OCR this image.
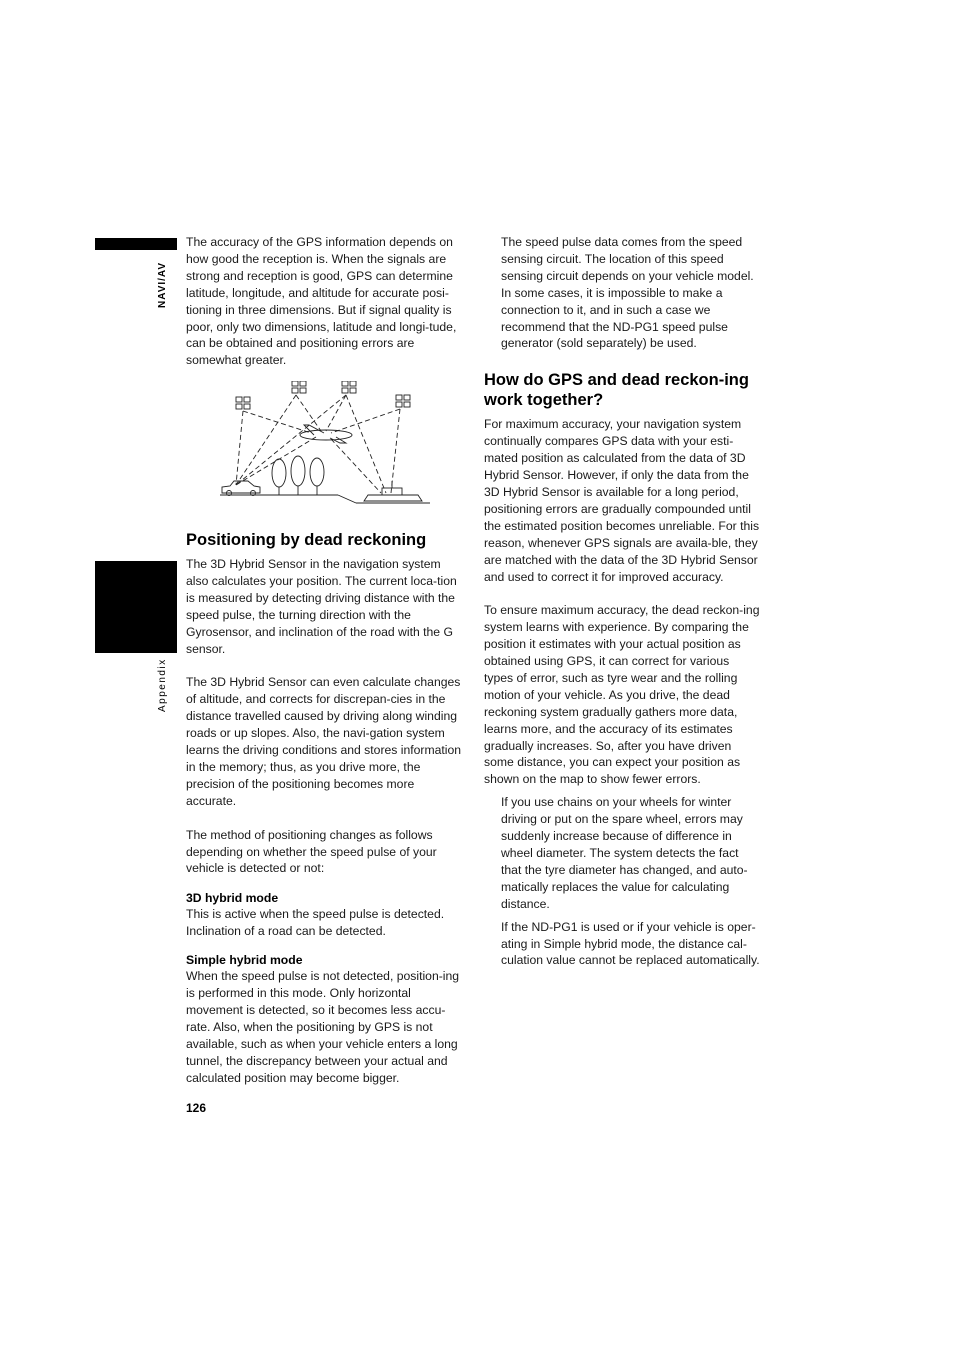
NAVI/AV
Appendix

The accuracy of the GPS information depends on how good the reception is. When the signals are strong and reception is good, GPS can determine latitude, longitude, and altitude for accurate posi-tioning in three dimensions. But if signal quality is poor, only two dimensions, latitude and longi-tude, can be obtained and positioning errors are somewhat greater.

Positioning by dead reckoning

The 3D Hybrid Sensor in the navigation system also calculates your position. The current loca-tion is measured by detecting driving distance with the speed pulse, the turning direction with the Gyrosensor, and inclination of the road with the G sensor.

The 3D Hybrid Sensor can even calculate changes of altitude, and corrects for discrepan-cies in the distance travelled caused by driving along winding roads or up slopes. Also, the navi-gation system learns the driving conditions and stores information in the memory; thus, as you drive more, the precision of the positioning becomes more accurate.

The method of positioning changes as follows depending on whether the speed pulse of your vehicle is detected or not:

3D hybrid mode

This is active when the speed pulse is detected. Inclination of a road can be detected.

Simple hybrid mode

When the speed pulse is not detected, position-ing is performed in this mode. Only horizontal movement is detected, so it becomes less accu-rate. Also, when the positioning by GPS is not available, such as when your vehicle enters a long tunnel, the discrepancy between your actual and calculated position may become bigger.

The speed pulse data comes from the speed sensing circuit. The location of this speed sensing circuit depends on your vehicle model. In some cases, it is impossible to make a connection to it, and in such a case we recommend that the ND-PG1 speed pulse generator (sold separately) be used.

How do GPS and dead reckon-ing work together?

For maximum accuracy, your navigation system continually compares GPS data with your esti-mated position as calculated from the data of 3D Hybrid Sensor. However, if only the data from the 3D Hybrid Sensor is available for a long period, positioning errors are gradually compounded until the estimated position becomes unreliable. For this reason, whenever GPS signals are availa-ble, they are matched with the data of the 3D Hybrid Sensor and used to correct it for improved accuracy.

To ensure maximum accuracy, the dead reckon-ing system learns with experience. By comparing the position it estimates with your actual position as obtained using GPS, it can correct for various types of error, such as tyre wear and the rolling motion of your vehicle. As you drive, the dead reckoning system gradually gathers more data, learns more, and the accuracy of its estimates gradually increases. So, after you have driven some distance, you can expect your position as shown on the map to show fewer errors.

If you use chains on your wheels for winter driving or put on the spare wheel, errors may suddenly increase because of difference in wheel diameter. The system detects the fact that the tyre diameter has changed, and auto-matically replaces the value for calculating distance.

If the ND-PG1 is used or if your vehicle is oper-ating in Simple hybrid mode, the distance cal-culation value cannot be replaced automatically.

126
